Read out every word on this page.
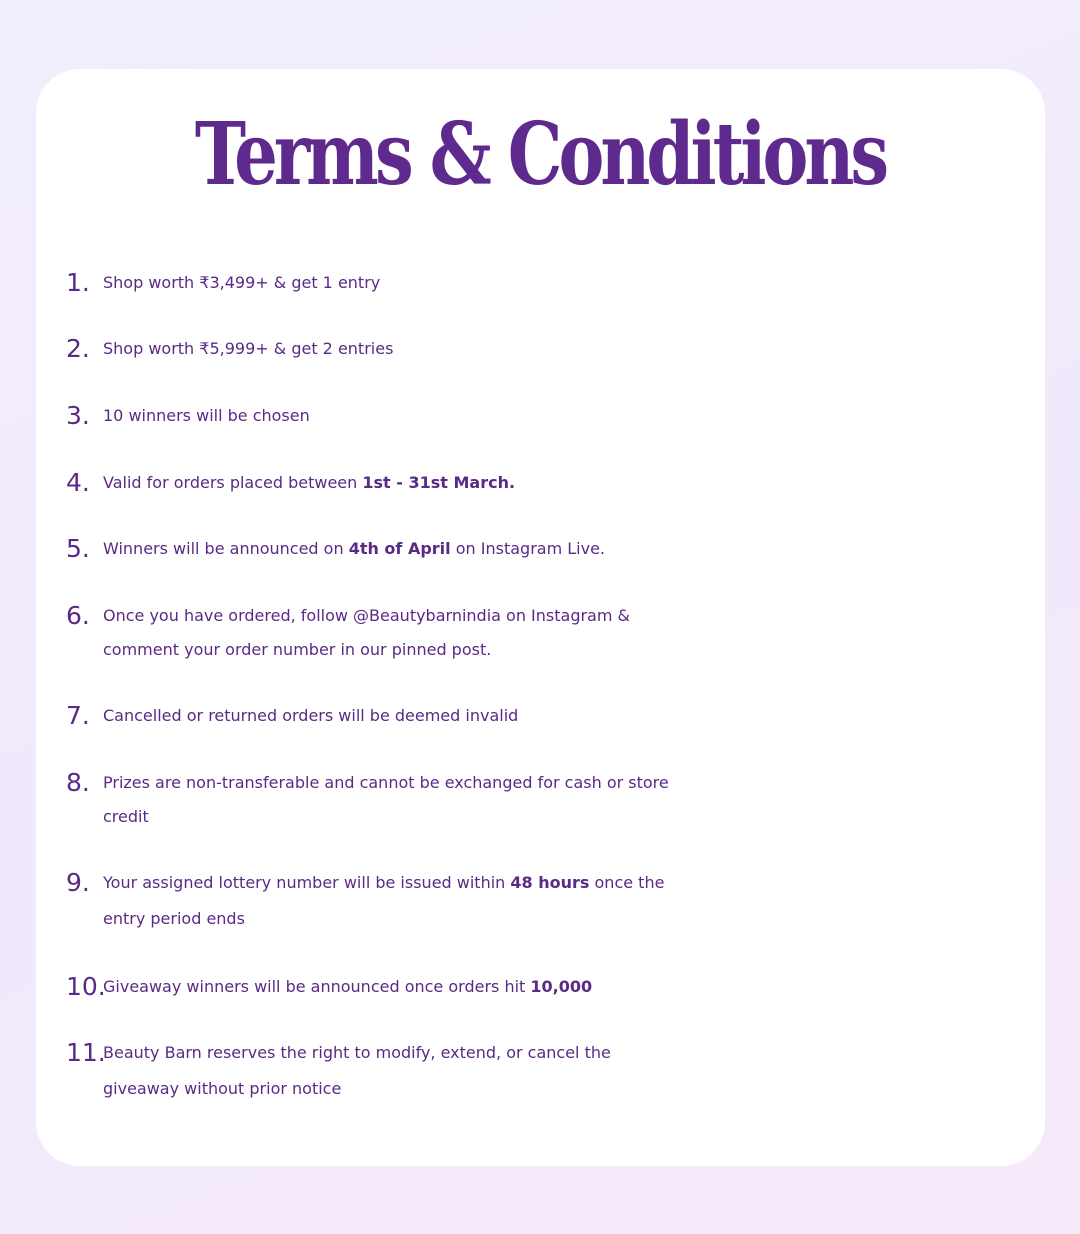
Terms & Conditions
1. Shop worth ₹3,499+ & get 1 entry
2. Shop worth ₹5,999+ & get 2 entries
3. 10 winners will be chosen
4. Valid for orders placed between 1st - 31st March.
5. Winners will be announced on 4th of April on Instagram Live.
6. Once you have ordered, follow @Beautybarnindia on Instagram &
comment your order number in our pinned post.
7. Cancelled or returned orders will be deemed invalid
8. Prizes are non-transferable and cannot be exchanged for cash or store
credit
9. Your assigned lottery number will be issued within 48 hours once the
entry period ends
10.
Giveaway winners will be announced once orders hit 10,000
11.
Beauty Barn reserves the right to modify, extend, or cancel the
giveaway without prior notice
